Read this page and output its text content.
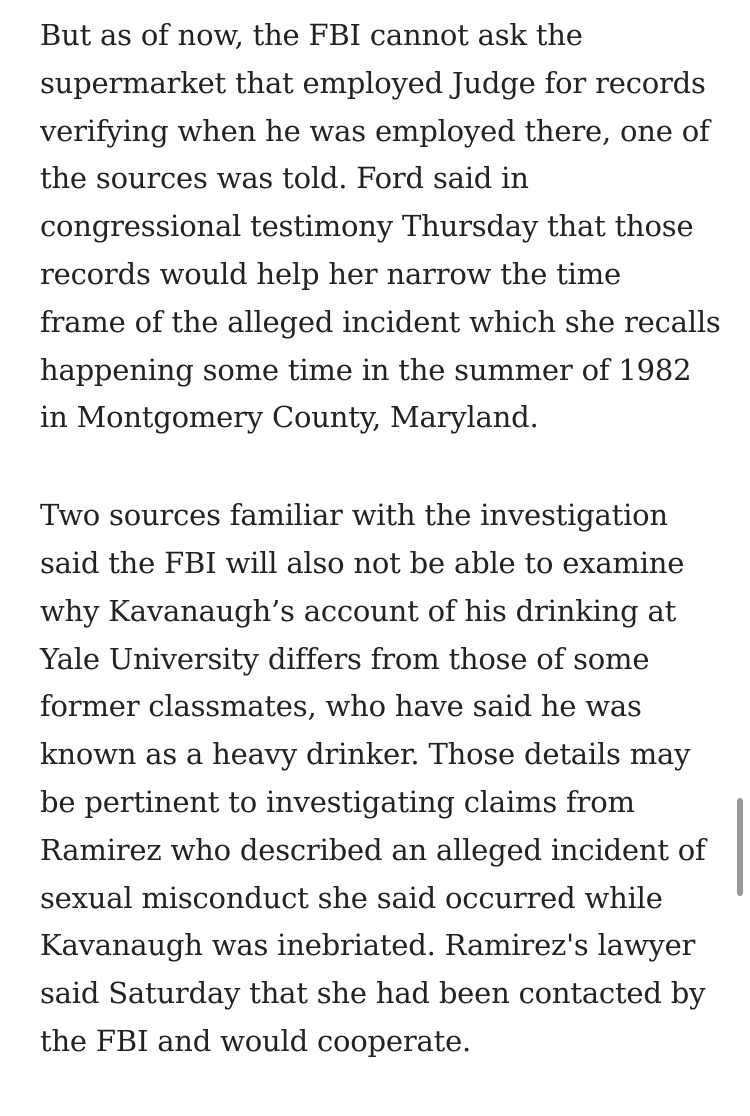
But as of now, the FBI cannot ask the
supermarket that employed Judge for records
verifying when he was employed there, one of
the sources was told. Ford said in
congressional testimony Thursday that those
records would help her narrow the time
frame of the alleged incident which she recalls
happening some time in the summer of 1982
in Montgomery County, Maryland.

Two sources familiar with the investigation
said the FBI will also not be able to examine
why Kavanaugh’s account of his drinking at
Yale University differs from those of some
former classmates, who have said he was
known as a heavy drinker. Those details may
be pertinent to investigating claims from
Ramirez who described an alleged incident of
sexual misconduct she said occurred while
Kavanaugh was inebriated. Ramirez's lawyer
said Saturday that she had been contacted by
the FBI and would cooperate.
